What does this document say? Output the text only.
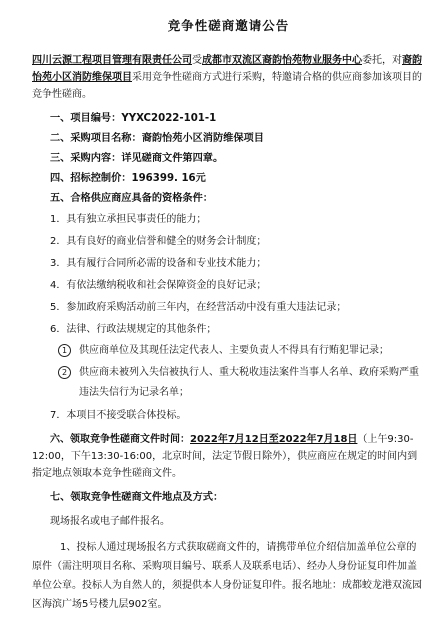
竞争性磋商邀请公告
四川云源工程项目管理有限责任公司受成都市双流区裔韵怡苑物业服务中心委托，对裔韵怡苑小区消防维保项目采用竞争性磋商方式进行采购，特邀请合格的供应商参加该项目的竞争性磋商。
一、项目编号：YYXC2022-101-1
二、采购项目名称：裔韵怡苑小区消防维保项目
三、采购内容：详见磋商文件第四章。
四、招标控制价：196399. 16元
五、合格供应商应具备的资格条件：
1．具有独立承担民事责任的能力；
2．具有良好的商业信誉和健全的财务会计制度；
3．具有履行合同所必需的设备和专业技术能力；
4．有依法缴纳税收和社会保障资金的良好记录；
5．参加政府采购活动前三年内，在经营活动中没有重大违法记录；
6．法律、行政法规规定的其他条件；
1	供应商单位及其现任法定代表人、主要负责人不得具有行贿犯罪记录；
2	供应商未被列入失信被执行人、重大税收违法案件当事人名单、政府采购严重违法失信行为记录名单；
7．本项目不接受联合体投标。
六、领取竞争性磋商文件时间：2022年7月12日至2022年7月18日（上午9:30-12:00，下午13:30-16:00，北京时间，法定节假日除外），供应商应在规定的时间内到指定地点领取本竞争性磋商文件。
七、领取竞争性磋商文件地点及方式：
现场报名或电子邮件报名。
1、投标人通过现场报名方式获取磋商文件的，请携带单位介绍信加盖单位公章的原件（需注明项目名称、采购项目编号、联系人及联系电话）、经办人身份证复印件加盖单位公章。投标人为自然人的，须提供本人身份证复印件。报名地址：成都蛟龙港双流园区海滨广场5号楼九层902室。
